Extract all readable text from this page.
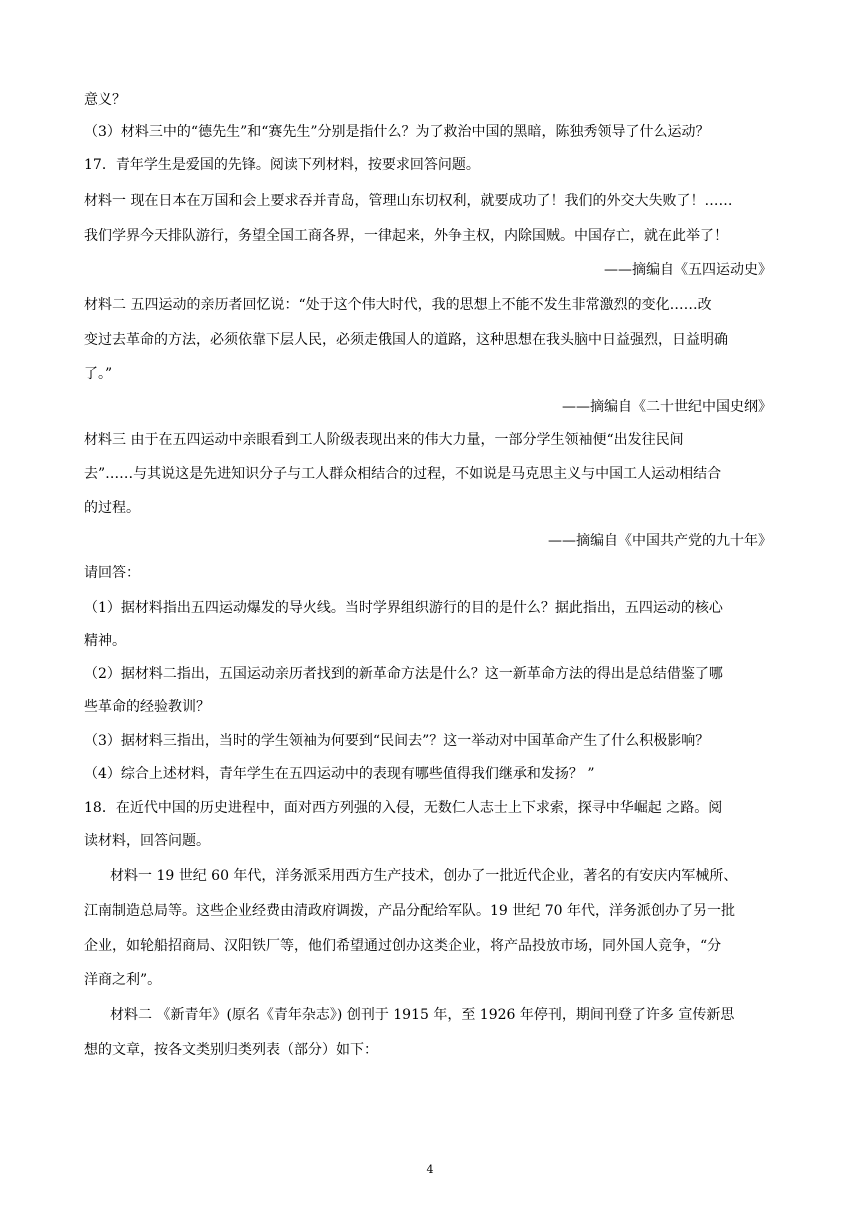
意义？
（3）材料三中的“德先生”和“赛先生”分别是指什么？为了救治中国的黑暗，陈独秀领导了什么运动？
17．青年学生是爱国的先锋。阅读下列材料，按要求回答问题。
材料一 现在日本在万国和会上要求吞并青岛，管理山东切权利，就要成功了！我们的外交大失败了！……
我们学界今天排队游行，务望全国工商各界，一律起来，外争主权，内除国贼。中国存亡，就在此举了！
——摘编自《五四运动史》
材料二 五四运动的亲历者回忆说：“处于这个伟大时代，我的思想上不能不发生非常激烈的变化……改
变过去革命的方法，必须依靠下层人民，必须走俄国人的道路，这种思想在我头脑中日益强烈，日益明确
了。”
——摘编自《二十世纪中国史纲》
材料三 由于在五四运动中亲眼看到工人阶级表现出来的伟大力量，一部分学生领袖便“出发往民间
去”……与其说这是先进知识分子与工人群众相结合的过程，不如说是马克思主义与中国工人运动相结合
的过程。
——摘编自《中国共产党的九十年》
请回答：
（1）据材料指出五四运动爆发的导火线。当时学界组织游行的目的是什么？据此指出，五四运动的核心
精神。
（2）据材料二指出，五国运动亲历者找到的新革命方法是什么？这一新革命方法的得出是总结借鉴了哪
些革命的经验教训？
（3）据材料三指出，当时的学生领袖为何要到“民间去”？这一举动对中国革命产生了什么积极影响？
（4）综合上述材料，青年学生在五四运动中的表现有哪些值得我们继承和发扬？ ”
18．在近代中国的历史进程中，面对西方列强的入侵，无数仁人志士上下求索，探寻中华崛起 之路。阅
读材料，回答问题。
材料一 19 世纪 60 年代，洋务派采用西方生产技术，创办了一批近代企业，著名的有安庆内军械所、
江南制造总局等。这些企业经费由清政府调拨，产品分配给军队。19 世纪 70 年代，洋务派创办了另一批
企业，如轮船招商局、汉阳铁厂等，他们希望通过创办这类企业，将产品投放市场，同外国人竞争，“分
洋商之利”。
材料二 《新青年》(原名《青年杂志》) 创刊于 1915 年，至 1926 年停刊，期间刊登了许多 宣传新思
想的文章，按各文类别归类列表（部分）如下：
4
